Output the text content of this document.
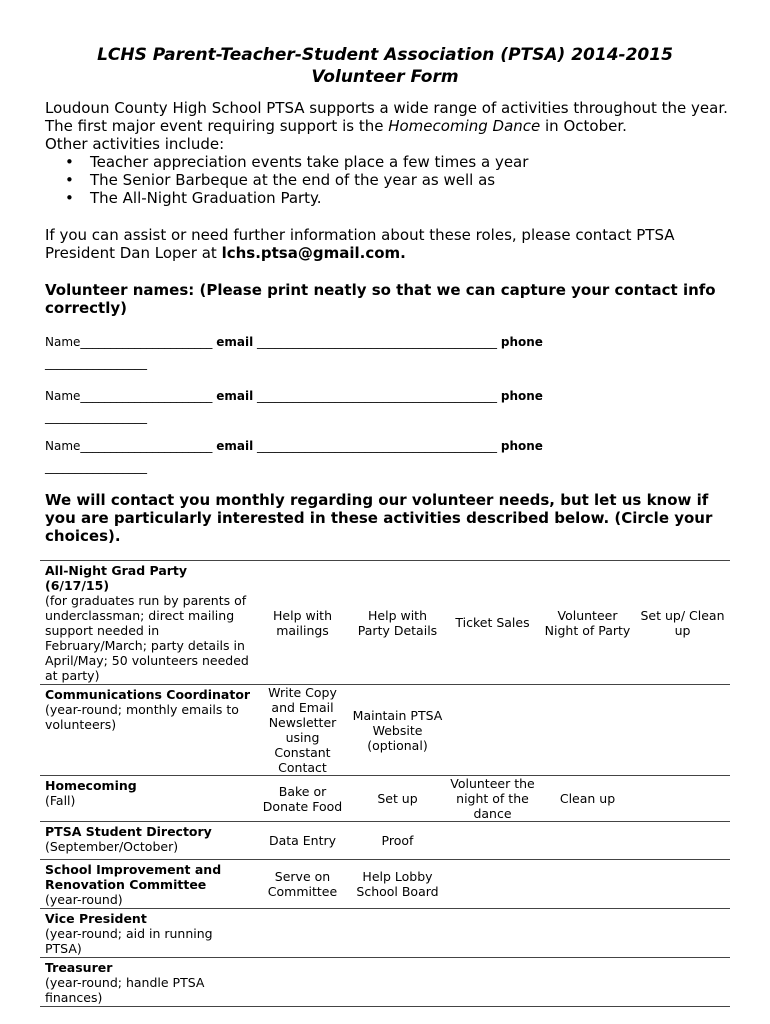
LCHS Parent-Teacher-Student Association (PTSA) 2014-2015
Volunteer Form

Loudoun County High School PTSA supports a wide range of activities throughout the year. The first major event requiring support is the Homecoming Dance in October.

Other activities include:

• Teacher appreciation events take place a few times a year
• The Senior Barbeque at the end of the year as well as
• The All-Night Graduation Party.

If you can assist or need further information about these roles, please contact PTSA President Dan Loper at lchs.ptsa@gmail.com.

Volunteer names: (Please print neatly so that we can capture your contact info correctly)
Name______________________ email ________________________________________ phone
_________________
Name______________________ email ________________________________________ phone
_________________
Name______________________ email ________________________________________ phone
_________________
We will contact you monthly regarding our volunteer needs, but let us know if you are particularly interested in these activities described below. (Circle your choices).
All-Night Grad Party (6/17/15)
(for graduates run by parents of underclassman; direct mailing support needed in February/March; party details in April/May; 50 volunteers needed at party)	Help with mailings	Help with Party Details	Ticket Sales	Volunteer Night of Party	Set up/ Clean up

Communications Coordinator
(year-round; monthly emails to volunteers)	Write Copy and Email Newsletter using Constant Contact	Maintain PTSA Website (optional)			

Homecoming
(Fall)	Bake or Donate Food	Set up	Volunteer the night of the dance	Clean up	

PTSA Student Directory
(September/October)	Data Entry	Proof			

School Improvement and Renovation Committee
(year-round)	Serve on Committee	Help Lobby School Board			

Vice President
(year-round; aid in running PTSA)					

Treasurer
(year-round; handle PTSA finances)					
